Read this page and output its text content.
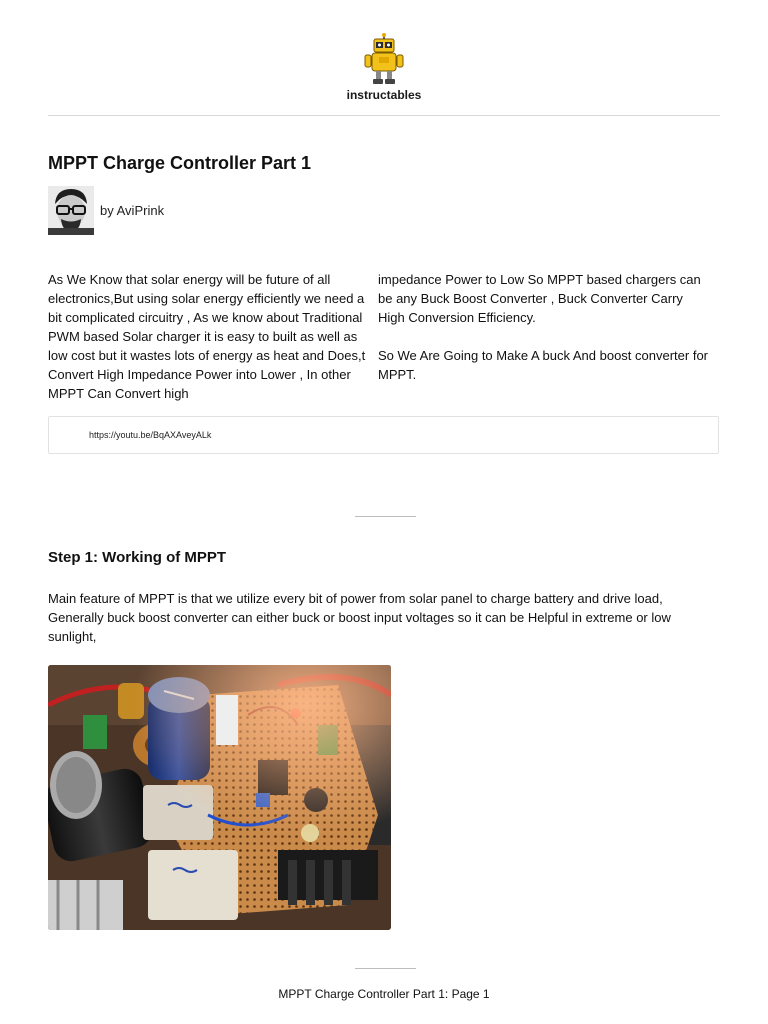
instructables
MPPT Charge Controller Part 1
by AviPrink

As We Know that solar energy will be future of all electronics,But using solar energy efficiently we need a bit complicated circuitry , As we know about Traditional PWM based Solar charger it is easy to built as well as low cost but it wastes lots of energy as heat and Does,t Convert High Impedance Power into Lower , In other MPPT Can Convert high

impedance Power to Low So MPPT based chargers can be any Buck Boost Converter , Buck Converter Carry High Conversion Efficiency.

So We Are Going to Make A buck And boost converter for MPPT.

https://youtu.be/BqAXAveyALk
Step 1: Working of MPPT

Main feature of MPPT is that we utilize every bit of power from solar panel to charge battery and drive load, Generally buck boost converter can either buck or boost input voltages so it can be Helpful in extreme or low sunlight,

MPPT Charge Controller Part 1: Page 1
